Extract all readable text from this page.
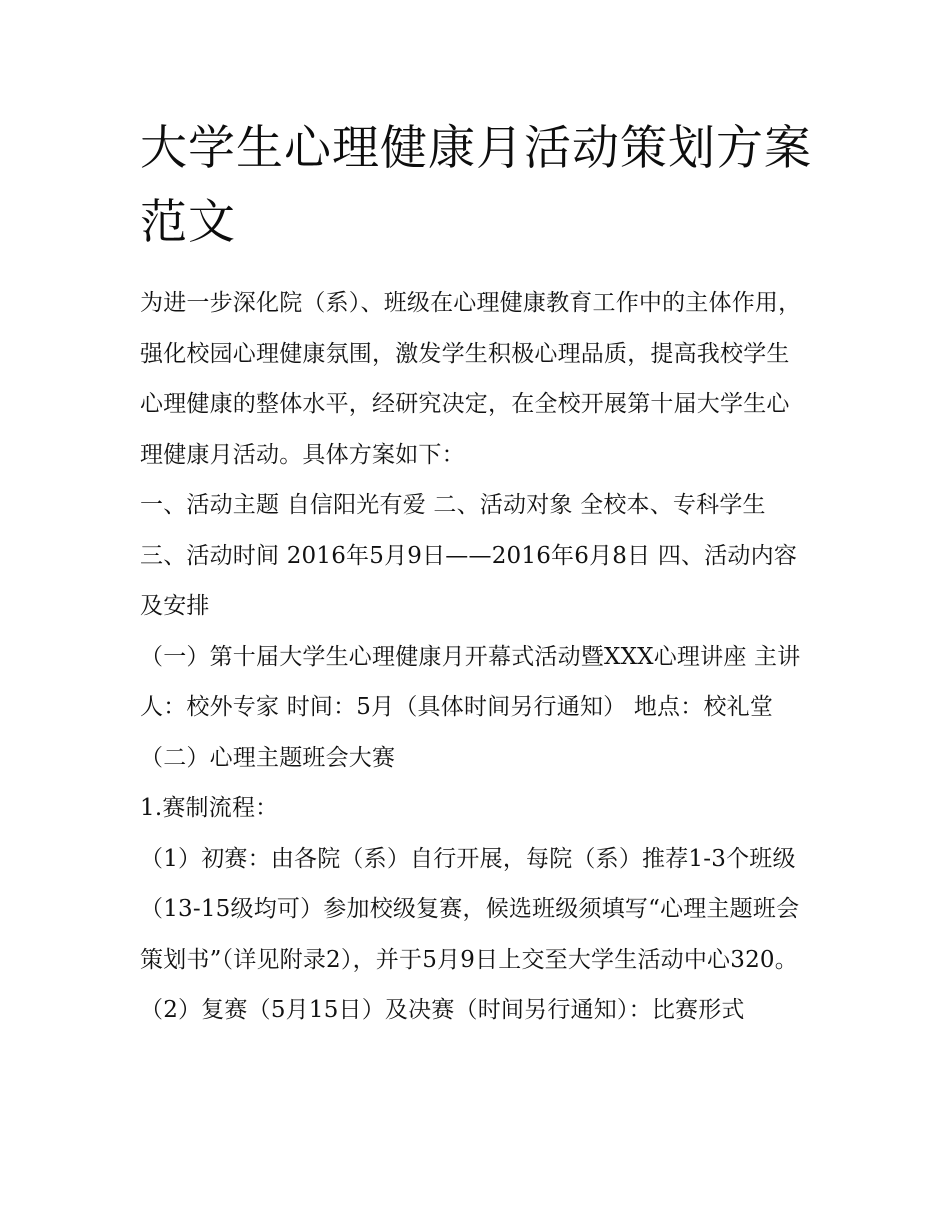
大学生心理健康月活动策划方案范文

为进一步深化院（系）、班级在心理健康教育工作中的主体作用，强化校园心理健康氛围，激发学生积极心理品质，提高我校学生心理健康的整体水平，经研究决定，在全校开展第十届大学生心理健康月活动。具体方案如下：

一、活动主题 自信阳光有爱 二、活动对象 全校本、专科学生 三、活动时间 2016年5月9日——2016年6月8日 四、活动内容及安排

（一）第十届大学生心理健康月开幕式活动暨XXX心理讲座 主讲人：校外专家 时间：5月（具体时间另行通知） 地点：校礼堂 （二）心理主题班会大赛

1.赛制流程：

（1）初赛：由各院（系）自行开展，每院（系）推荐1-3个班级（13-15级均可）参加校级复赛，候选班级须填写“心理主题班会策划书”（详见附录2），并于5月9日上交至大学生活动中心320。

（2）复赛（5月15日）及决赛（时间另行通知）：比赛形式
